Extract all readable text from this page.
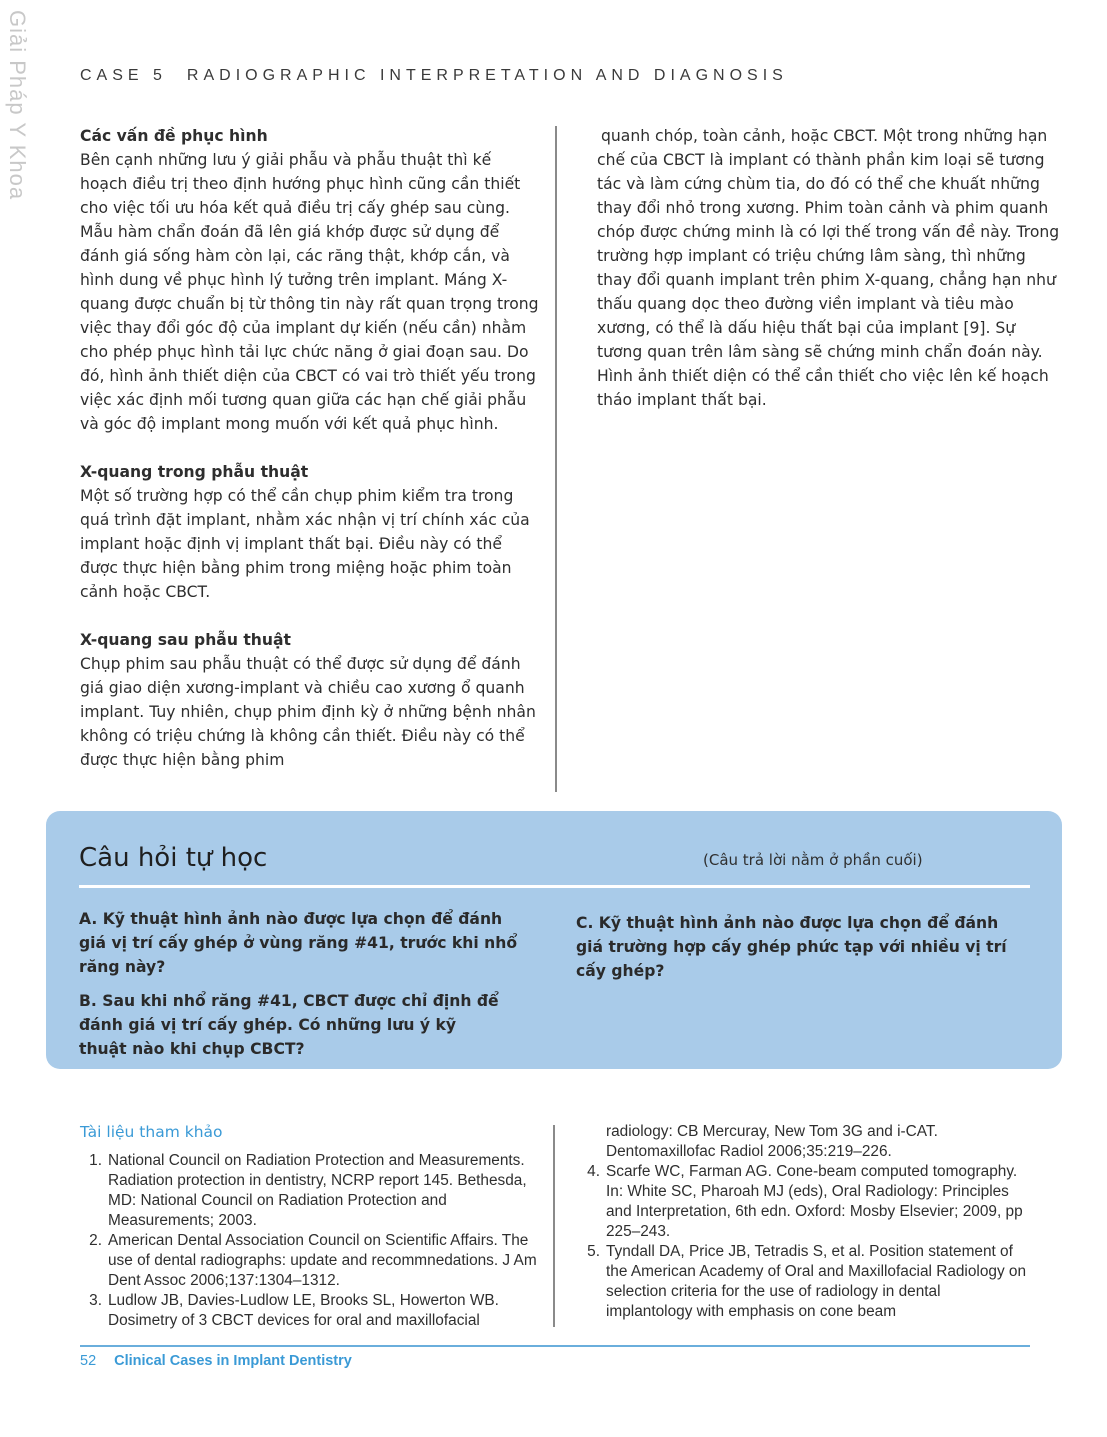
Giải Pháp Y Khoa	CASE 5 RADIOGRAPHIC INTERPRETATION AND DIAGNOSIS

Các vấn đề phục hình

Bên cạnh những lưu ý giải phẫu và phẫu thuật thì kế hoạch điều trị theo định hướng phục hình cũng cần thiết cho việc tối ưu hóa kết quả điều trị cấy ghép sau cùng. Mẫu hàm chẩn đoán đã lên giá khớp được sử dụng để đánh giá sống hàm còn lại, các răng thật, khớp cắn, và hình dung về phục hình lý tưởng trên implant. Máng X-quang được chuẩn bị từ thông tin này rất quan trọng trong việc thay đổi góc độ của implant dự kiến (nếu cần) nhằm cho phép phục hình tải lực chức năng ở giai đoạn sau. Do đó, hình ảnh thiết diện của CBCT có vai trò thiết yếu trong việc xác định mối tương quan giữa các hạn chế giải phẫu và góc độ implant mong muốn với kết quả phục hình.

X-quang trong phẫu thuật

Một số trường hợp có thể cần chụp phim kiểm tra trong quá trình đặt implant, nhằm xác nhận vị trí chính xác của implant hoặc định vị implant thất bại. Điều này có thể được thực hiện bằng phim trong miệng hoặc phim toàn cảnh hoặc CBCT.

X-quang sau phẫu thuật

Chụp phim sau phẫu thuật có thể được sử dụng để đánh giá giao diện xương-implant và chiều cao xương ổ quanh implant. Tuy nhiên, chụp phim định kỳ ở những bệnh nhân không có triệu chứng là không cần thiết. Điều này có thể được thực hiện bằng phim

quanh chóp, toàn cảnh, hoặc CBCT. Một trong những hạn chế của CBCT là implant có thành phần kim loại sẽ tương tác và làm cứng chùm tia, do đó có thể che khuất những thay đổi nhỏ trong xương. Phim toàn cảnh và phim quanh chóp được chứng minh là có lợi thế trong vấn đề này. Trong trường hợp implant có triệu chứng lâm sàng, thì những thay đổi quanh implant trên phim X-quang, chẳng hạn như thấu quang dọc theo đường viền implant và tiêu mào xương, có thể là dấu hiệu thất bại của implant [9]. Sự tương quan trên lâm sàng sẽ chứng minh chẩn đoán này. Hình ảnh thiết diện có thể cần thiết cho việc lên kế hoạch tháo implant thất bại.

Câu hỏi tự học	(Câu trả lời nằm ở phần cuối)
A. Kỹ thuật hình ảnh nào được lựa chọn để đánh giá vị trí cấy ghép ở vùng răng #41, trước khi nhổ răng này?
B. Sau khi nhổ răng #41, CBCT được chỉ định để đánh giá vị trí cấy ghép. Có những lưu ý kỹ thuật nào khi chụp CBCT?
C. Kỹ thuật hình ảnh nào được lựa chọn để đánh giá trường hợp cấy ghép phức tạp với nhiều vị trí cấy ghép?
Tài liệu tham khảo
1. National Council on Radiation Protection and Measurements. Radiation protection in dentistry, NCRP report 145. Bethesda, MD: National Council on Radiation Protection and Measurements; 2003.
2. American Dental Association Council on Scientific Affairs. The use of dental radiographs: update and recommnedations. J Am Dent Assoc 2006;137:1304–1312.
3. Ludlow JB, Davies-Ludlow LE, Brooks SL, Howerton WB. Dosimetry of 3 CBCT devices for oral and maxillofacial
radiology: CB Mercuray, New Tom 3G and i-CAT. Dentomaxillofac Radiol 2006;35:219–226.
4. Scarfe WC, Farman AG. Cone-beam computed tomography. In: White SC, Pharoah MJ (eds), Oral Radiology: Principles and Interpretation, 6th edn. Oxford: Mosby Elsevier; 2009, pp 225–243.
5. Tyndall DA, Price JB, Tetradis S, et al. Position statement of the American Academy of Oral and Maxillofacial Radiology on selection criteria for the use of radiology in dental implantology with emphasis on cone beam
52 Clinical Cases in Implant Dentistry
